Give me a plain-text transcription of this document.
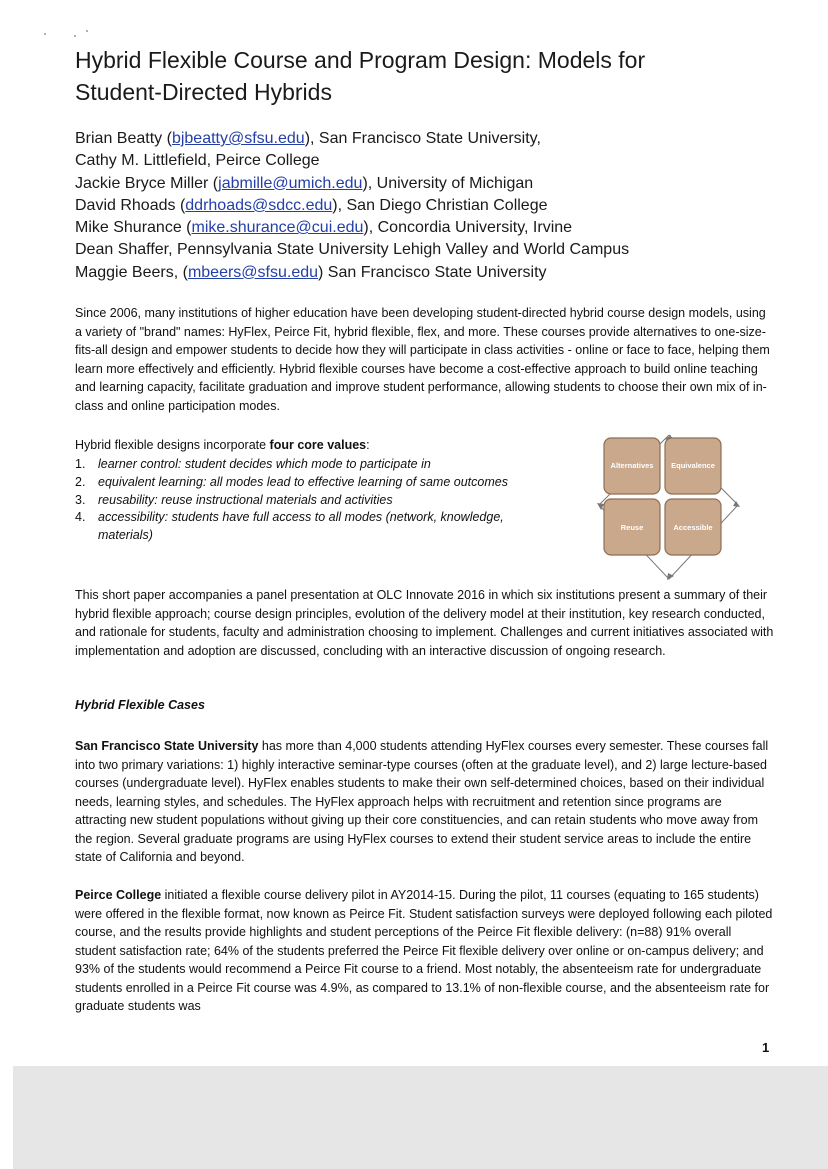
Hybrid Flexible Course and Program Design: Models for
Student-Directed Hybrids
Brian Beatty (bjbeatty@sfsu.edu), San Francisco State University,
Cathy M. Littlefield, Peirce College
Jackie Bryce Miller (jabmille@umich.edu), University of Michigan
David Rhoads (ddrhoads@sdcc.edu), San Diego Christian College
Mike Shurance (mike.shurance@cui.edu), Concordia University, Irvine
Dean Shaffer, Pennsylvania State University Lehigh Valley and World Campus
Maggie Beers, (mbeers@sfsu.edu) San Francisco State University

Since 2006, many institutions of higher education have been developing student-directed hybrid course design models, using a variety of "brand" names: HyFlex, Peirce Fit, hybrid flexible, flex, and more. These courses provide alternatives to one-size-fits-all design and empower students to decide how they will participate in class activities - online or face to face, helping them learn more effectively and efficiently. Hybrid flexible courses have become a cost-effective approach to build online teaching and learning capacity, facilitate graduation and improve student performance, allowing students to choose their own mix of in-class and online participation modes.

Hybrid flexible designs incorporate four core values:
1. learner control: student decides which mode to participate in
2. equivalent learning: all modes lead to effective learning of same outcomes
3. reusability: reuse instructional materials and activities
4. accessibility: students have full access to all modes (network, knowledge, materials)
Alternatives Equivalence
Reuse	Accessible

This short paper accompanies a panel presentation at OLC Innovate 2016 in which six institutions present a summary of their hybrid flexible approach; course design principles, evolution of the delivery model at their institution, key research conducted, and rationale for students, faculty and administration choosing to implement. Challenges and current initiatives associated with implementation and adoption are discussed, concluding with an interactive discussion of ongoing research.

Hybrid Flexible Cases

San Francisco State University has more than 4,000 students attending HyFlex courses every semester. These courses fall into two primary variations: 1) highly interactive seminar-type courses (often at the graduate level), and 2) large lecture-based courses (undergraduate level). HyFlex enables students to make their own self-determined choices, based on their individual needs, learning styles, and schedules. The HyFlex approach helps with recruitment and retention since programs are attracting new student populations without giving up their core constituencies, and can retain students who move away from the region. Several graduate programs are using HyFlex courses to extend their student service areas to include the entire state of California and beyond.

Peirce College initiated a flexible course delivery pilot in AY2014-15. During the pilot, 11 courses (equating to 165 students) were offered in the flexible format, now known as Peirce Fit. Student satisfaction surveys were deployed following each piloted course, and the results provide highlights and student perceptions of the Peirce Fit flexible delivery: (n=88) 91% overall student satisfaction rate; 64% of the students preferred the Peirce Fit flexible delivery over online or on-campus delivery; and 93% of the students would recommend a Peirce Fit course to a friend. Most notably, the absenteeism rate for undergraduate students enrolled in a Peirce Fit course was 4.9%, as compared to 13.1% of non-flexible course, and the absenteeism rate for graduate students was

1
